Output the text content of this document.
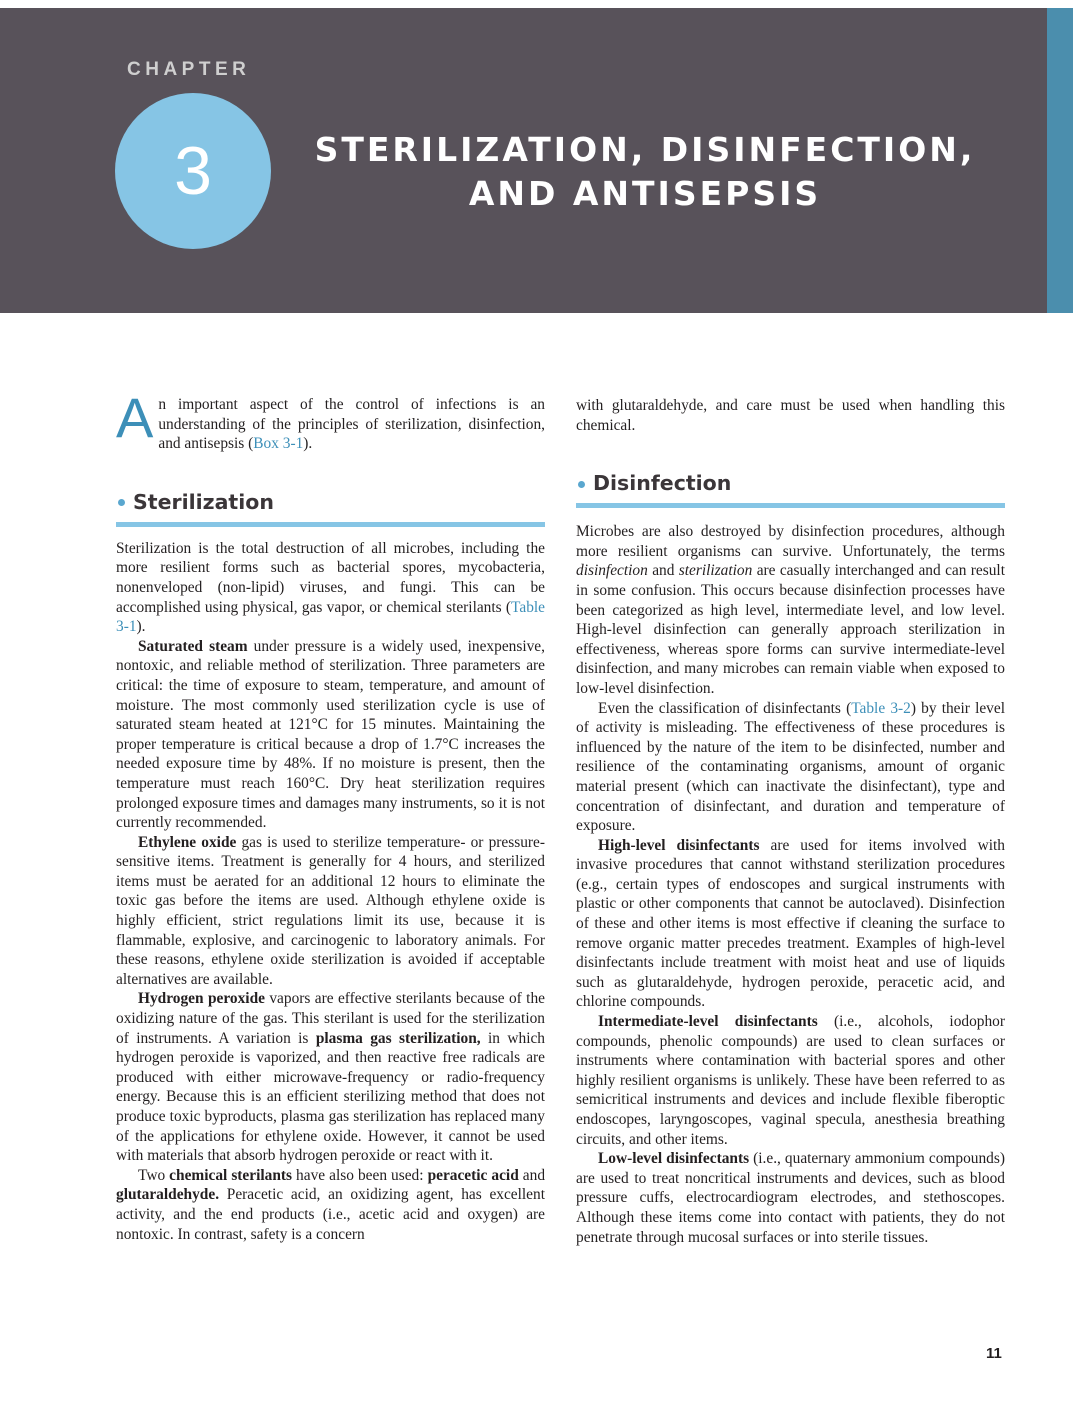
CHAPTER
3	STERILIZATION, DISINFECTION,
AND ANTISEPSIS

An important aspect of the control of infections is an understanding of the principles of sterilization, disinfection, and antisepsis (Box 3-1).

Sterilization

Sterilization is the total destruction of all microbes, including the more resilient forms such as bacterial spores, mycobacteria, nonenveloped (non-lipid) viruses, and fungi. This can be accomplished using physical, gas vapor, or chemical sterilants (Table 3-1).

Saturated steam under pressure is a widely used, inexpensive, nontoxic, and reliable method of sterilization. Three parameters are critical: the time of exposure to steam, temperature, and amount of moisture. The most commonly used sterilization cycle is use of saturated steam heated at 121°C for 15 minutes. Maintaining the proper temperature is critical because a drop of 1.7°C increases the needed exposure time by 48%. If no moisture is present, then the temperature must reach 160°C. Dry heat sterilization requires prolonged exposure times and damages many instruments, so it is not currently recommended.

Ethylene oxide gas is used to sterilize temperature- or pressure-sensitive items. Treatment is generally for 4 hours, and sterilized items must be aerated for an additional 12 hours to eliminate the toxic gas before the items are used. Although ethylene oxide is highly efficient, strict regulations limit its use, because it is flammable, explosive, and carcinogenic to laboratory animals. For these reasons, ethylene oxide sterilization is avoided if acceptable alternatives are available.

Hydrogen peroxide vapors are effective sterilants because of the oxidizing nature of the gas. This sterilant is used for the sterilization of instruments. A variation is plasma gas sterilization, in which hydrogen peroxide is vaporized, and then reactive free radicals are produced with either microwave-frequency or radio-frequency energy. Because this is an efficient sterilizing method that does not produce toxic byproducts, plasma gas sterilization has replaced many of the applications for ethylene oxide. However, it cannot be used with materials that absorb hydrogen peroxide or react with it.

Two chemical sterilants have also been used: peracetic acid and glutaraldehyde. Peracetic acid, an oxidizing agent, has excellent activity, and the end products (i.e., acetic acid and oxygen) are nontoxic. In contrast, safety is a concern

with glutaraldehyde, and care must be used when handling this chemical.

Disinfection

Microbes are also destroyed by disinfection procedures, although more resilient organisms can survive. Unfortunately, the terms disinfection and sterilization are casually interchanged and can result in some confusion. This occurs because disinfection processes have been categorized as high level, intermediate level, and low level. High-level disinfection can generally approach sterilization in effectiveness, whereas spore forms can survive intermediate-level disinfection, and many microbes can remain viable when exposed to low-level disinfection.

Even the classification of disinfectants (Table 3-2) by their level of activity is misleading. The effectiveness of these procedures is influenced by the nature of the item to be disinfected, number and resilience of the contaminating organisms, amount of organic material present (which can inactivate the disinfectant), type and concentration of disinfectant, and duration and temperature of exposure.

High-level disinfectants are used for items involved with invasive procedures that cannot withstand sterilization procedures (e.g., certain types of endoscopes and surgical instruments with plastic or other components that cannot be autoclaved). Disinfection of these and other items is most effective if cleaning the surface to remove organic matter precedes treatment. Examples of high-level disinfectants include treatment with moist heat and use of liquids such as glutaraldehyde, hydrogen peroxide, peracetic acid, and chlorine compounds.

Intermediate-level disinfectants (i.e., alcohols, iodophor compounds, phenolic compounds) are used to clean surfaces or instruments where contamination with bacterial spores and other highly resilient organisms is unlikely. These have been referred to as semicritical instruments and devices and include flexible fiberoptic endoscopes, laryngoscopes, vaginal specula, anesthesia breathing circuits, and other items.

Low-level disinfectants (i.e., quaternary ammonium compounds) are used to treat noncritical instruments and devices, such as blood pressure cuffs, electrocardiogram electrodes, and stethoscopes. Although these items come into contact with patients, they do not penetrate through mucosal surfaces or into sterile tissues.

11
